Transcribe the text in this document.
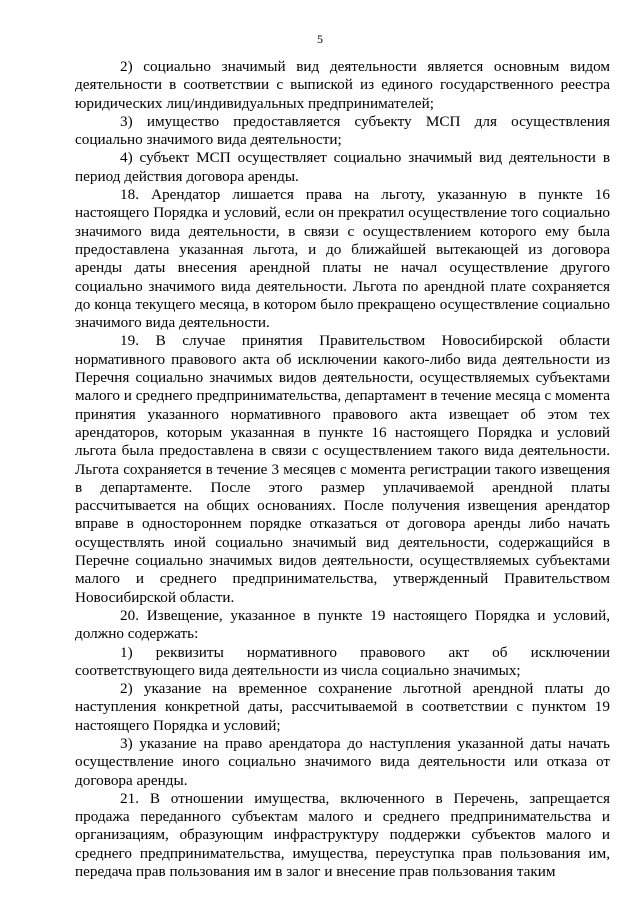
5

2) социально значимый вид деятельности является основным видом деятельности в соответствии с выпиской из единого государственного реестра юридических лиц/индивидуальных предпринимателей;

3) имущество предоставляется субъекту МСП для осуществления социально значимого вида деятельности;

4) субъект МСП осуществляет социально значимый вид деятельности в период действия договора аренды.

18. Арендатор лишается права на льготу, указанную в пункте 16 настоящего Порядка и условий, если он прекратил осуществление того социально значимого вида деятельности, в связи с осуществлением которого ему была предоставлена указанная льгота, и до ближайшей вытекающей из договора аренды даты внесения арендной платы не начал осуществление другого социально значимого вида деятельности. Льгота по арендной плате сохраняется до конца текущего месяца, в котором было прекращено осуществление социально значимого вида деятельности.

19. В случае принятия Правительством Новосибирской области нормативного правового акта об исключении какого-либо вида деятельности из Перечня социально значимых видов деятельности, осуществляемых субъектами малого и среднего предпринимательства, департамент в течение месяца с момента принятия указанного нормативного правового акта извещает об этом тех арендаторов, которым указанная в пункте 16 настоящего Порядка и условий льгота была предоставлена в связи с осуществлением такого вида деятельности. Льгота сохраняется в течение 3 месяцев с момента регистрации такого извещения в департаменте. После этого размер уплачиваемой арендной платы рассчитывается на общих основаниях. После получения извещения арендатор вправе в одностороннем порядке отказаться от договора аренды либо начать осуществлять иной социально значимый вид деятельности, содержащийся в Перечне социально значимых видов деятельности, осуществляемых субъектами малого и среднего предпринимательства, утвержденный Правительством Новосибирской области.

20. Извещение, указанное в пункте 19 настоящего Порядка и условий, должно содержать:

1) реквизиты нормативного правового акт об исключении соответствующего вида деятельности из числа социально значимых;

2) указание на временное сохранение льготной арендной платы до наступления конкретной даты, рассчитываемой в соответствии с пунктом 19 настоящего Порядка и условий;

3) указание на право арендатора до наступления указанной даты начать осуществление иного социально значимого вида деятельности или отказа от договора аренды.

21. В отношении имущества, включенного в Перечень, запрещается продажа переданного субъектам малого и среднего предпринимательства и организациям, образующим инфраструктуру поддержки субъектов малого и среднего предпринимательства, имущества, переуступка прав пользования им, передача прав пользования им в залог и внесение прав пользования таким
